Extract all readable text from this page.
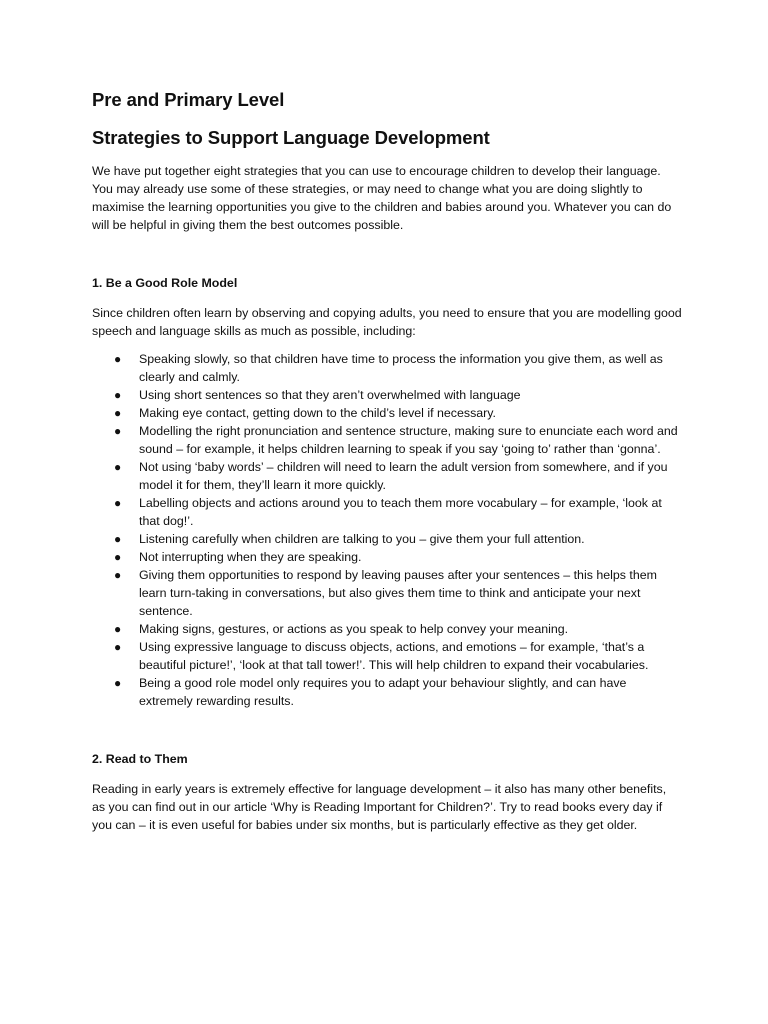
Pre and Primary Level
Strategies to Support Language Development

We have put together eight strategies that you can use to encourage children to develop their language. You may already use some of these strategies, or may need to change what you are doing slightly to maximise the learning opportunities you give to the children and babies around you. Whatever you can do will be helpful in giving them the best outcomes possible.

1. Be a Good Role Model

Since children often learn by observing and copying adults, you need to ensure that you are modelling good speech and language skills as much as possible, including:

● Speaking slowly, so that children have time to process the information you give them, as well as clearly and calmly.
● Using short sentences so that they aren’t overwhelmed with language
● Making eye contact, getting down to the child’s level if necessary.
● Modelling the right pronunciation and sentence structure, making sure to enunciate each word and sound – for example, it helps children learning to speak if you say ‘going to’ rather than ‘gonna’.
● Not using ‘baby words’ – children will need to learn the adult version from somewhere, and if you model it for them, they’ll learn it more quickly.
● Labelling objects and actions around you to teach them more vocabulary – for example, ‘look at that dog!’.
● Listening carefully when children are talking to you – give them your full attention.
● Not interrupting when they are speaking.
● Giving them opportunities to respond by leaving pauses after your sentences – this helps them learn turn-taking in conversations, but also gives them time to think and anticipate your next sentence.
● Making signs, gestures, or actions as you speak to help convey your meaning.
● Using expressive language to discuss objects, actions, and emotions – for example, ‘that’s a beautiful picture!’, ‘look at that tall tower!’. This will help children to expand their vocabularies.
● Being a good role model only requires you to adapt your behaviour slightly, and can have extremely rewarding results.
2. Read to Them

Reading in early years is extremely effective for language development – it also has many other benefits, as you can find out in our article ‘Why is Reading Important for Children?’. Try to read books every day if you can – it is even useful for babies under six months, but is particularly effective as they get older.
